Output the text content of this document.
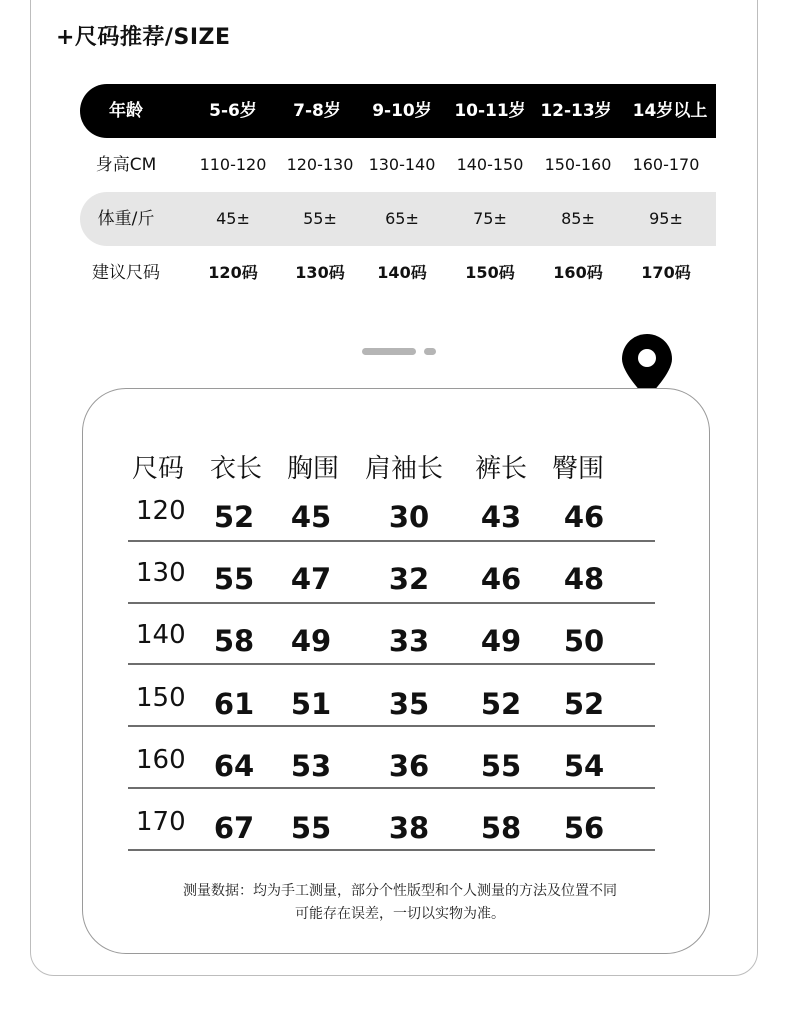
+尺码推荐/SIZE
年龄	5-6岁	7-8岁	9-10岁	10-11岁 12-13岁	14岁以上
身高CM	110-120 120-130 130-140 140-150	150-160	160-170
体重/斤	45±	55±	65±	75±	85±	95±
建议尺码	120码	130码	140码	150码	160码	170码
尺码 衣长 胸围 肩袖长 裤长 臀围
120 52 45 30 43 46
130 55 47 32 46 48
140 58 49 33 49 50
150 61 51 35 52 52
160 64 53 36 55 54
170 67 55 38 58 56
测量数据：均为手工测量，部分个性版型和个人测量的方法及位置不同
可能存在误差，一切以实物为准。
